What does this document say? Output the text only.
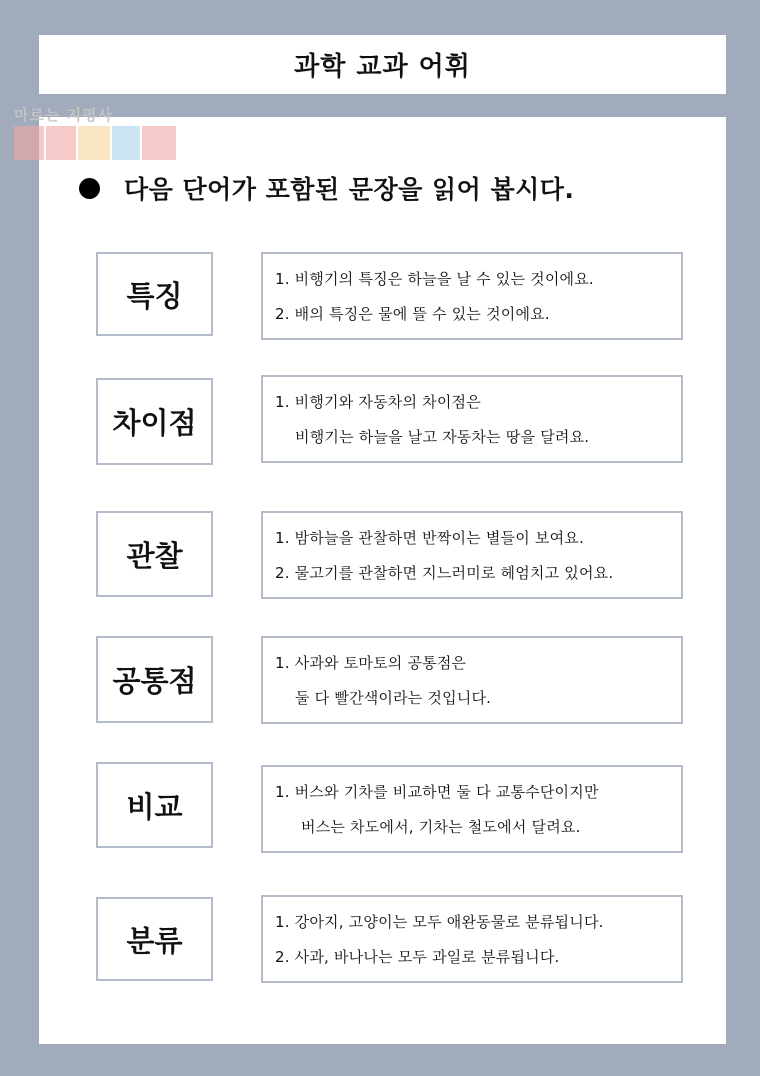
과학 교과 어휘
마르는 지평사
다음 단어가 포함된 문장을 읽어 봅시다.
특징	1. 비행기의 특징은 하늘을 날 수 있는 것이에요.
2. 배의 특징은 물에 뜰 수 있는 것이에요.
차이점
1. 비행기와 자동차의 차이점은
비행기는 하늘을 날고 자동차는 땅을 달려요.
관찰
1. 밤하늘을 관찰하면 반짝이는 별들이 보여요.
2. 물고기를 관찰하면 지느러미로 헤엄치고 있어요.
공통점
1. 사과와 토마토의 공통점은
둘 다 빨간색이라는 것입니다.
비교	1. 버스와 기차를 비교하면 둘 다 교통수단이지만
버스는 차도에서, 기차는 철도에서 달려요.
분류
1. 강아지, 고양이는 모두 애완동물로 분류됩니다.
2. 사과, 바나나는 모두 과일로 분류됩니다.
